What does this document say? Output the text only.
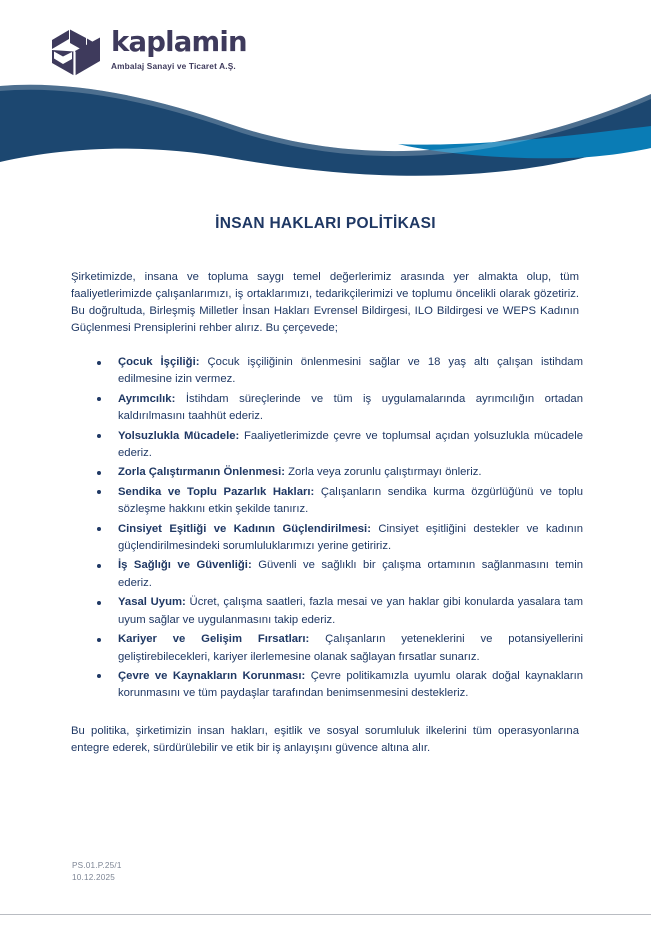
kaplamin
Ambalaj Sanayi ve Ticaret A.Ş.
İNSAN HAKLARI POLİTİKASI

Şirketimizde, insana ve topluma saygı temel değerlerimiz arasında yer almakta olup, tüm faaliyetlerimizde çalışanlarımızı, iş ortaklarımızı, tedarikçilerimizi ve toplumu öncelikli olarak gözetiriz. Bu doğrultuda, Birleşmiş Milletler İnsan Hakları Evrensel Bildirgesi, ILO Bildirgesi ve WEPS Kadının Güçlenmesi Prensiplerini rehber alırız. Bu çerçevede;

Çocuk İşçiliği: Çocuk işçiliğinin önlenmesini sağlar ve 18 yaş altı çalışan istihdam edilmesine izin vermez.
Ayrımcılık: İstihdam süreçlerinde ve tüm iş uygulamalarında ayrımcılığın ortadan kaldırılmasını taahhüt ederiz.
Yolsuzlukla Mücadele: Faaliyetlerimizde çevre ve toplumsal açıdan yolsuzlukla mücadele ederiz.
Zorla Çalıştırmanın Önlenmesi: Zorla veya zorunlu çalıştırmayı önleriz.
Sendika ve Toplu Pazarlık Hakları: Çalışanların sendika kurma özgürlüğünü ve toplu sözleşme hakkını etkin şekilde tanırız.
Cinsiyet Eşitliği ve Kadının Güçlendirilmesi: Cinsiyet eşitliğini destekler ve kadının güçlendirilmesindeki sorumluluklarımızı yerine getiririz.
İş Sağlığı ve Güvenliği: Güvenli ve sağlıklı bir çalışma ortamının sağlanmasını temin ederiz.
Yasal Uyum: Ücret, çalışma saatleri, fazla mesai ve yan haklar gibi konularda yasalara tam uyum sağlar ve uygulanmasını takip ederiz.
Kariyer ve Gelişim Fırsatları: Çalışanların yeteneklerini ve potansiyellerini geliştirebilecekleri, kariyer ilerlemesine olanak sağlayan fırsatlar sunarız.
Çevre ve Kaynakların Korunması: Çevre politikamızla uyumlu olarak doğal kaynakların korunmasını ve tüm paydaşlar tarafından benimsenmesini destekleriz.

Bu politika, şirketimizin insan hakları, eşitlik ve sosyal sorumluluk ilkelerini tüm operasyonlarına entegre ederek, sürdürülebilir ve etik bir iş anlayışını güvence altına alır.

PS.01.P.25/1
10.12.2025
